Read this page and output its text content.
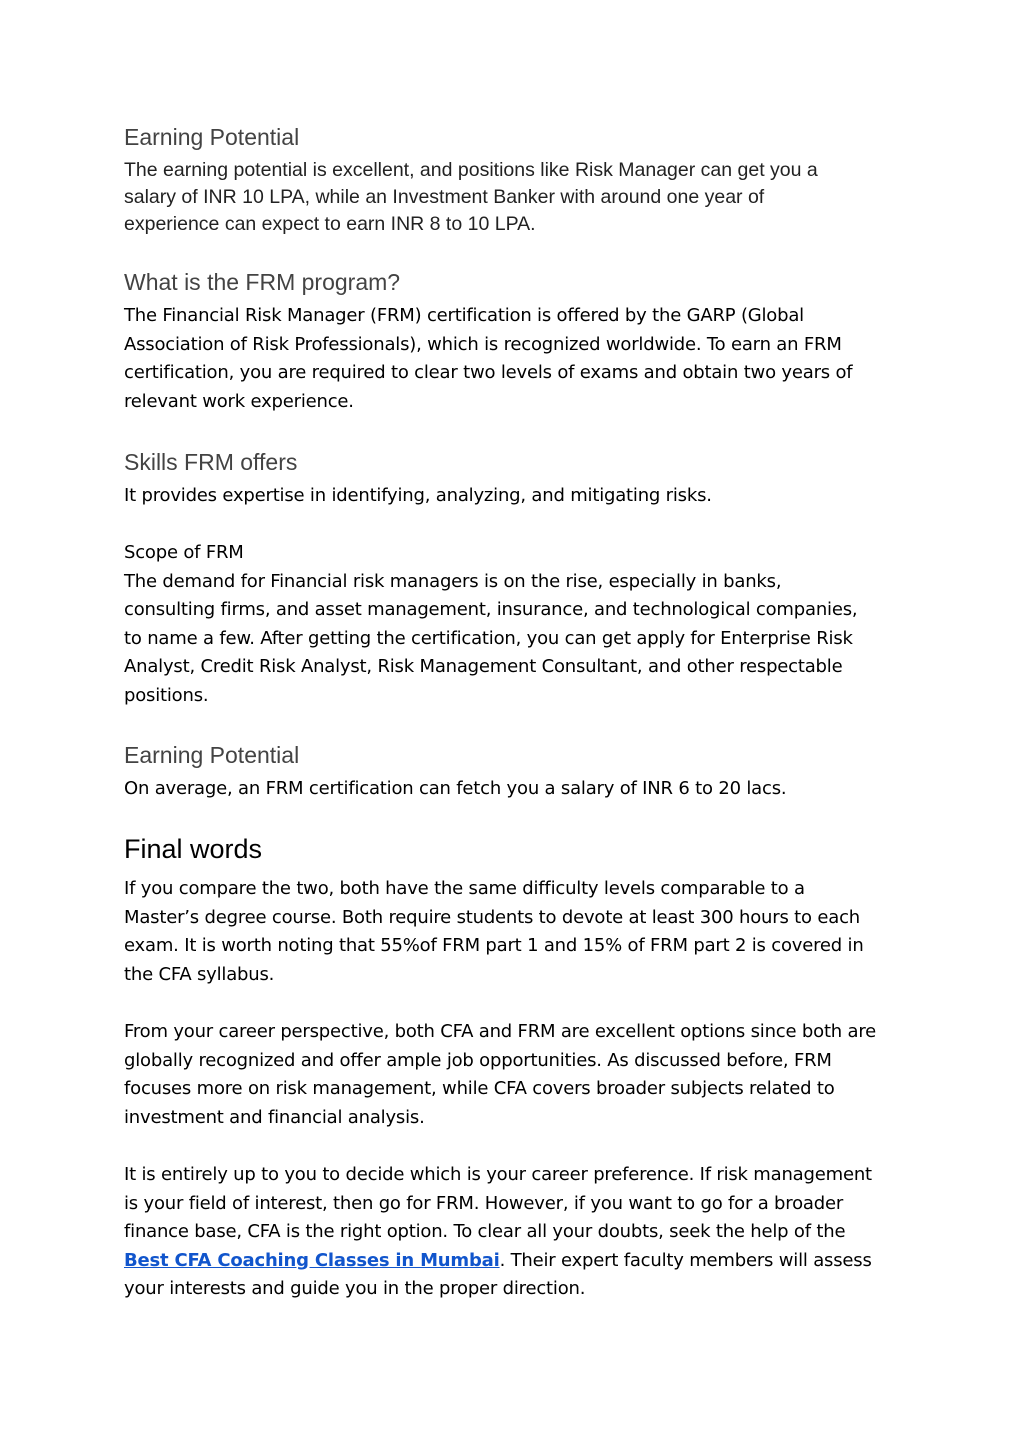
Earning Potential

The earning potential is excellent, and positions like Risk Manager can get you a

salary of INR 10 LPA, while an Investment Banker with around one year of

experience can expect to earn INR 8 to 10 LPA.

What is the FRM program?

The Financial Risk Manager (FRM) certification is offered by the GARP (Global

Association of Risk Professionals), which is recognized worldwide. To earn an FRM

certification, you are required to clear two levels of exams and obtain two years of

relevant work experience.

Skills FRM offers

It provides expertise in identifying, analyzing, and mitigating risks.

Scope of FRM

The demand for Financial risk managers is on the rise, especially in banks,

consulting firms, and asset management, insurance, and technological companies,

to name a few. After getting the certification, you can get apply for Enterprise Risk

Analyst, Credit Risk Analyst, Risk Management Consultant, and other respectable

positions.

Earning Potential

On average, an FRM certification can fetch you a salary of INR 6 to 20 lacs.

Final words

If you compare the two, both have the same difficulty levels comparable to a

Master’s degree course. Both require students to devote at least 300 hours to each

exam. It is worth noting that 55%of FRM part 1 and 15% of FRM part 2 is covered in

the CFA syllabus.

From your career perspective, both CFA and FRM are excellent options since both are

globally recognized and offer ample job opportunities. As discussed before, FRM

focuses more on risk management, while CFA covers broader subjects related to

investment and financial analysis.

It is entirely up to you to decide which is your career preference. If risk management

is your field of interest, then go for FRM. However, if you want to go for a broader

finance base, CFA is the right option. To clear all your doubts, seek the help of the

Best CFA Coaching Classes in Mumbai. Their expert faculty members will assess

your interests and guide you in the proper direction.
